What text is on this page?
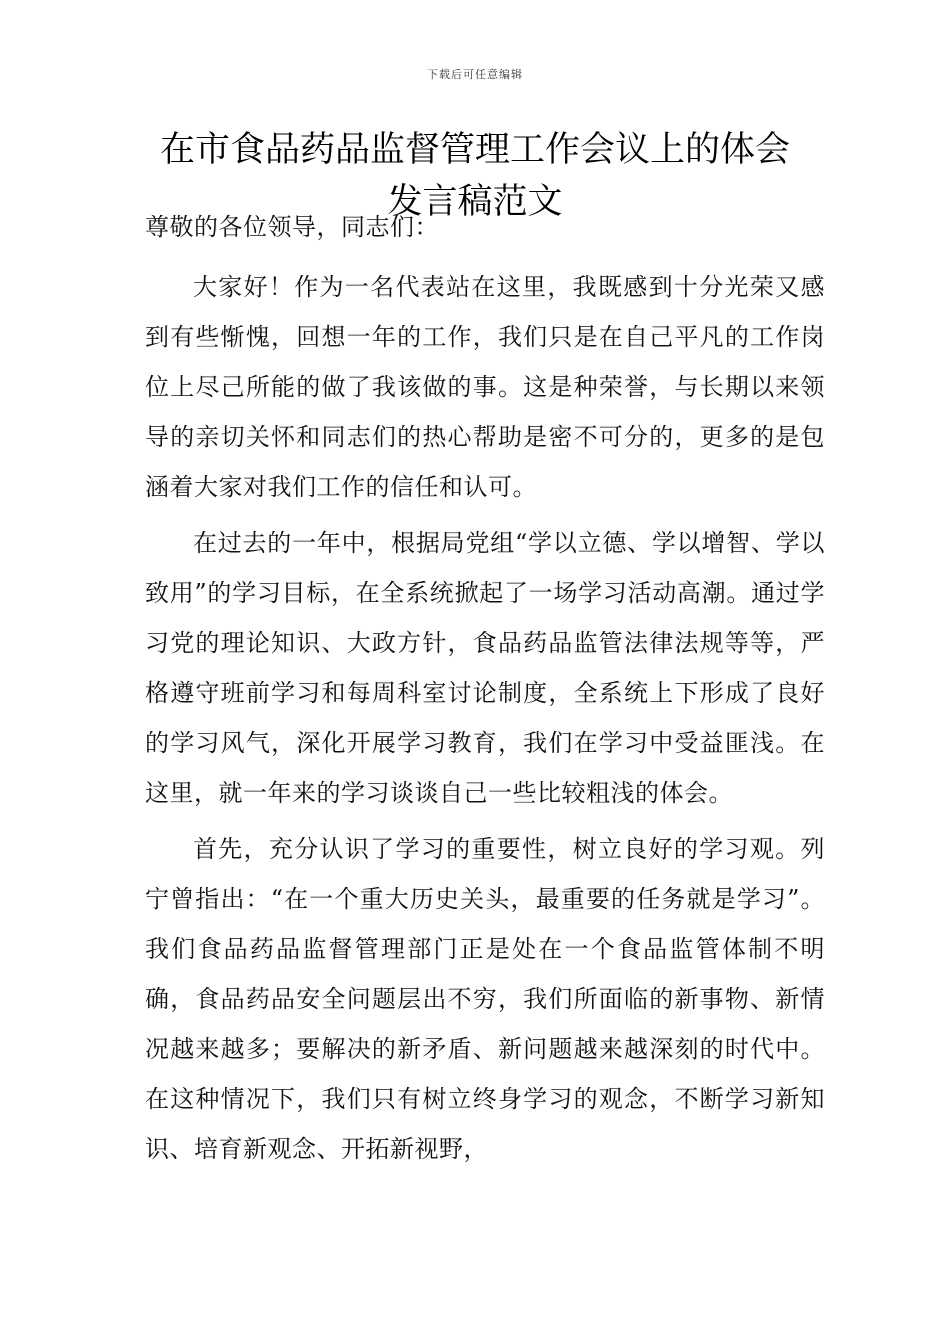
下载后可任意编辑
在市食品药品监督管理工作会议上的体会
发言稿范文

尊敬的各位领导，同志们：

大家好！作为一名代表站在这里，我既感到十分光荣又感到有些惭愧，回想一年的工作，我们只是在自己平凡的工作岗位上尽己所能的做了我该做的事。这是种荣誉，与长期以来领导的亲切关怀和同志们的热心帮助是密不可分的，更多的是包涵着大家对我们工作的信任和认可。

在过去的一年中，根据局党组“学以立德、学以增智、学以致用”的学习目标，在全系统掀起了一场学习活动高潮。通过学习党的理论知识、大政方针，食品药品监管法律法规等等，严格遵守班前学习和每周科室讨论制度，全系统上下形成了良好的学习风气，深化开展学习教育，我们在学习中受益匪浅。在这里，就一年来的学习谈谈自己一些比较粗浅的体会。

首先，充分认识了学习的重要性，树立良好的学习观。列宁曾指出：“在一个重大历史关头，最重要的任务就是学习”。我们食品药品监督管理部门正是处在一个食品监管体制不明确，食品药品安全问题层出不穷，我们所面临的新事物、新情况越来越多；要解决的新矛盾、新问题越来越深刻的时代中。在这种情况下，我们只有树立终身学习的观念，不断学习新知识、培育新观念、开拓新视野，
